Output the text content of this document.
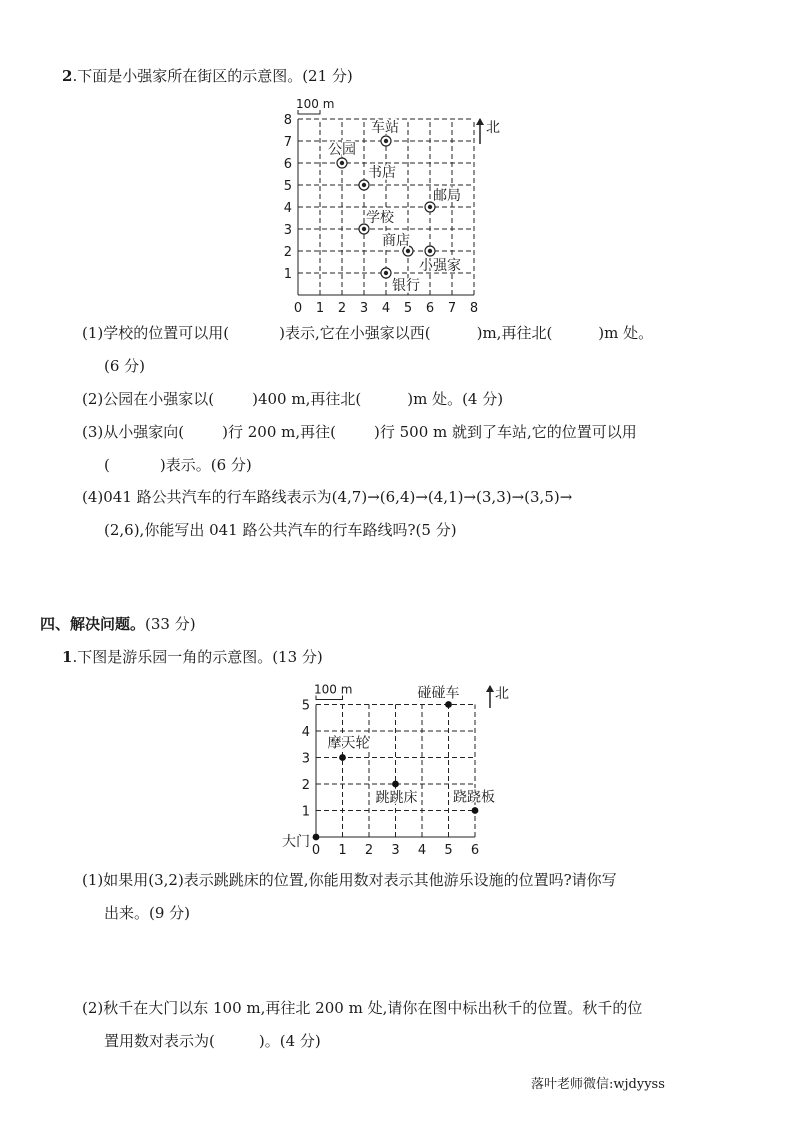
2.下面是小强家所在街区的示意图。(21 分)
0 1 2 3 4 5 6 7 8
1
2
3
4
5
6
7
8
100 m
北
车站
公园
书店
邮局
学校
商店
小强家
银行
(1)学校的位置可以用(	)表示,它在小强家以西(	)m,再往北(	)m 处。
(6 分)
(2)公园在小强家以(	)400 m,再往北(	)m 处。(4 分)
(3)从小强家向(	)行 200 m,再往(	)行 500 m 就到了车站,它的位置可以用
(	)表示。(6 分)
(4)041 路公共汽车的行车路线表示为(4,7)→(6,4)→(4,1)→(3,3)→(3,5)→
(2,6),你能写出 041 路公共汽车的行车路线吗?(5 分)
四、解决问题。(33 分)
1.下图是游乐园一角的示意图。(13 分)
0 1 2 3 4 5 6
1
2
3
4
5
100 m	北
碰碰车
摩天轮
跳跳床	跷跷板
大门
(1)如果用(3,2)表示跳跳床的位置,你能用数对表示其他游乐设施的位置吗?请你写
出来。(9 分)
(2)秋千在大门以东 100 m,再往北 200 m 处,请你在图中标出秋千的位置。秋千的位
置用数对表示为(	)。(4 分)
落叶老师微信:wjdyyss
